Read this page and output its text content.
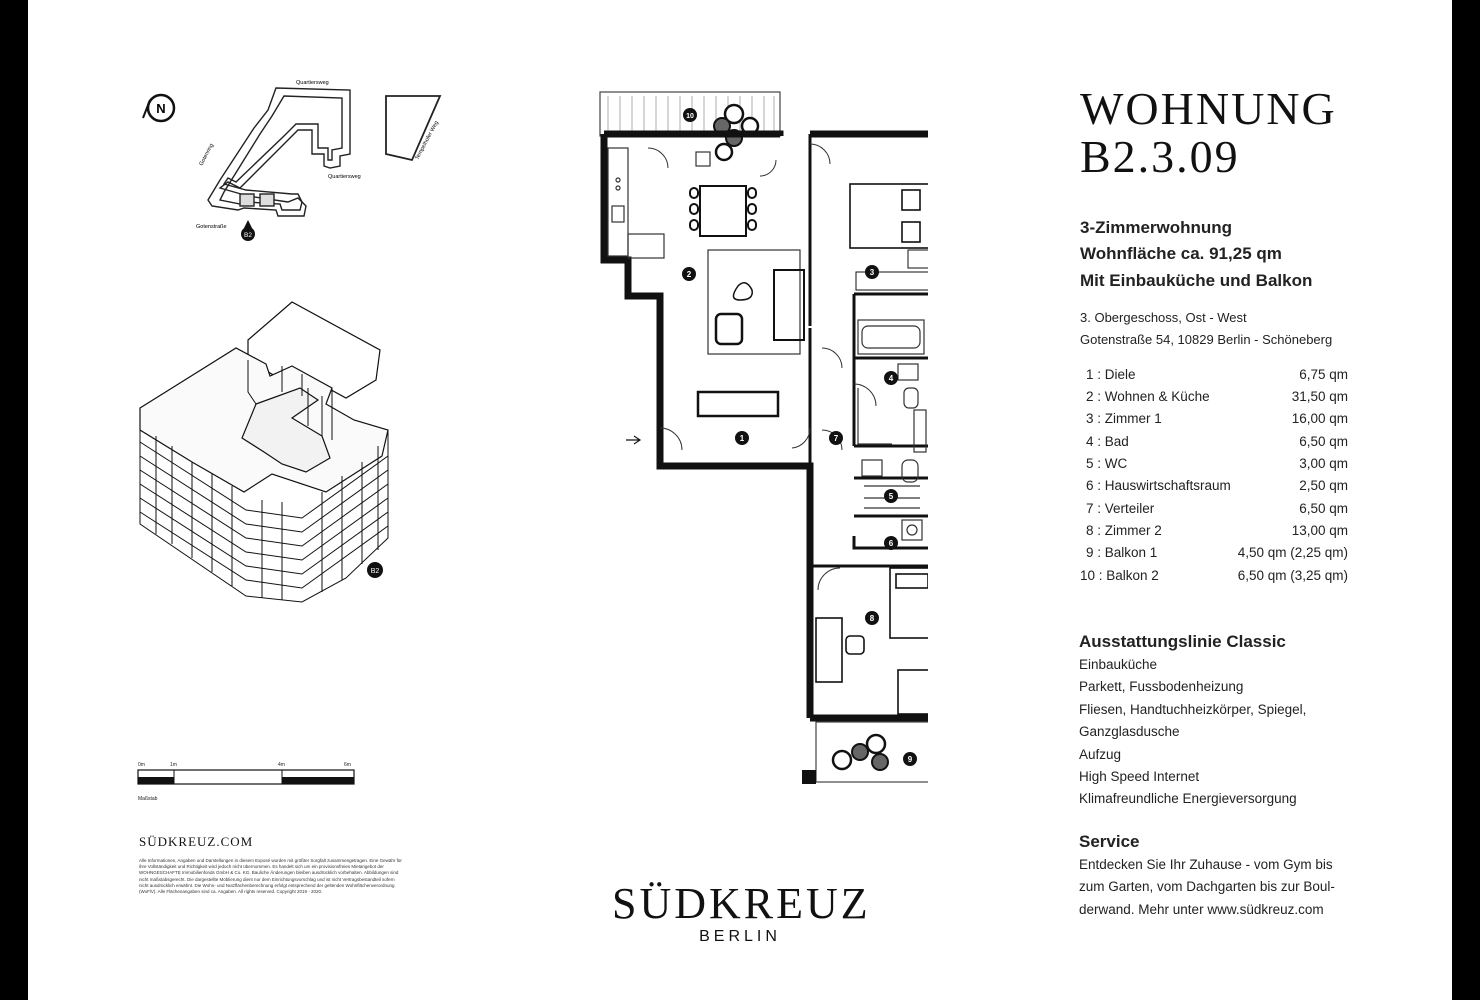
N
Quartiersweg
Quartiersweg
Gotenstraße
Tempelhofer Weg
Gotenring
B2
B2
0m	1m	4m	6m
Maßstab
SÜDKREUZ.COM
Alle Informationen, Angaben und Darstellungen in diesem Exposé wurden mit größter Sorgfalt zusammengetragen. Eine Gewähr für ihre Vollständigkeit und Richtigkeit wird jedoch nicht übernommen. Es handelt sich um ein provisionsfreies Mietangebot der WOHNGESCHAFTE Immobilienfonds GmbH & Co. KG. Bauliche Änderungen bleiben ausdrücklich vorbehalten. Abbildungen sind nicht maßstabsgerecht. Die dargestellte Möblierung dient nur dem Einrichtungsvorschlag und ist nicht Vertragsbestandteil sofern nicht ausdrücklich erwähnt. Die Wohn- und Nutzflächenberechnung erfolgt entsprechend der geltenden Wohnflächenverordnung (WoFlV). Alle Flächenangaben sind ca. Angaben. All rights reserved. Copyright 2019 - 2020.
1
2	3
4
5
6
7
8
9
10
SÜDKREUZ
BERLIN
WOHNUNG
B2.3.09
3-Zimmerwohnung
Wohnfläche ca. 91,25 qm
Mit Einbauküche und Balkon
3. Obergeschoss, Ost - West
Gotenstraße 54, 10829 Berlin - Schöneberg
1 : Diele	6,75 qm
2 : Wohnen & Küche	31,50 qm
3 : Zimmer 1	16,00 qm
4 : Bad	6,50 qm
5 : WC	3,00 qm
6 : Hauswirtschaftsraum	2,50 qm
7 : Verteiler	6,50 qm
8 : Zimmer 2	13,00 qm
9 : Balkon 1	4,50 qm (2,25 qm)
10 : Balkon 2	6,50 qm (3,25 qm)
Ausstattungslinie Classic
Einbauküche
Parkett, Fussbodenheizung
Fliesen, Handtuchheizkörper, Spiegel,
Ganzglasdusche
Aufzug
High Speed Internet
Klimafreundliche Energieversorgung
Service
Entdecken Sie Ihr Zuhause - vom Gym bis
zum Garten, vom Dachgarten bis zur Boul-
derwand. Mehr unter www.südkreuz.com
